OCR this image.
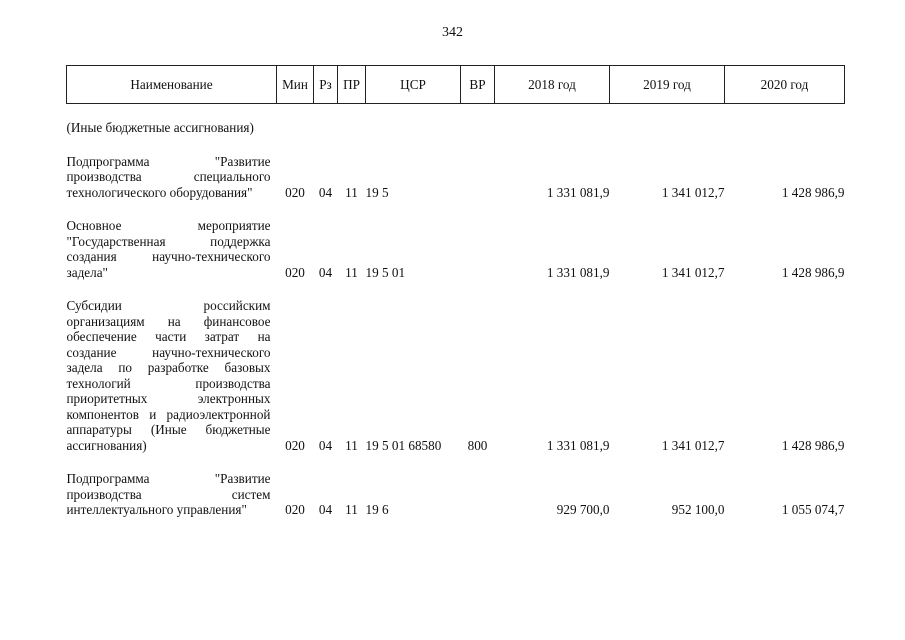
342
Наименование	Мин	Рз	ПР	ЦСР	ВР	2018 год	2019 год	2020 год

(Иные бюджетные ассигнования)								

Подпрограмма "Развитие производства специального технологического оборудования"	020	04	11	19 5		1 331 081,9	1 341 012,7	1 428 986,9

Основное мероприятие "Государственная поддержка создания научно-технического задела"	020	04	11	19 5 01		1 331 081,9	1 341 012,7	1 428 986,9

Субсидии российским организациям на финансовое обеспечение части затрат на создание научно-технического задела по разработке базовых технологий производства приоритетных электронных компонентов и радиоэлектронной аппаратуры (Иные бюджетные ассигнования)	020	04	11	19 5 01 68580	800	1 331 081,9	1 341 012,7	1 428 986,9

Подпрограмма "Развитие производства систем интеллектуального управления"	020	04	11	19 6		929 700,0	952 100,0	1 055 074,7
